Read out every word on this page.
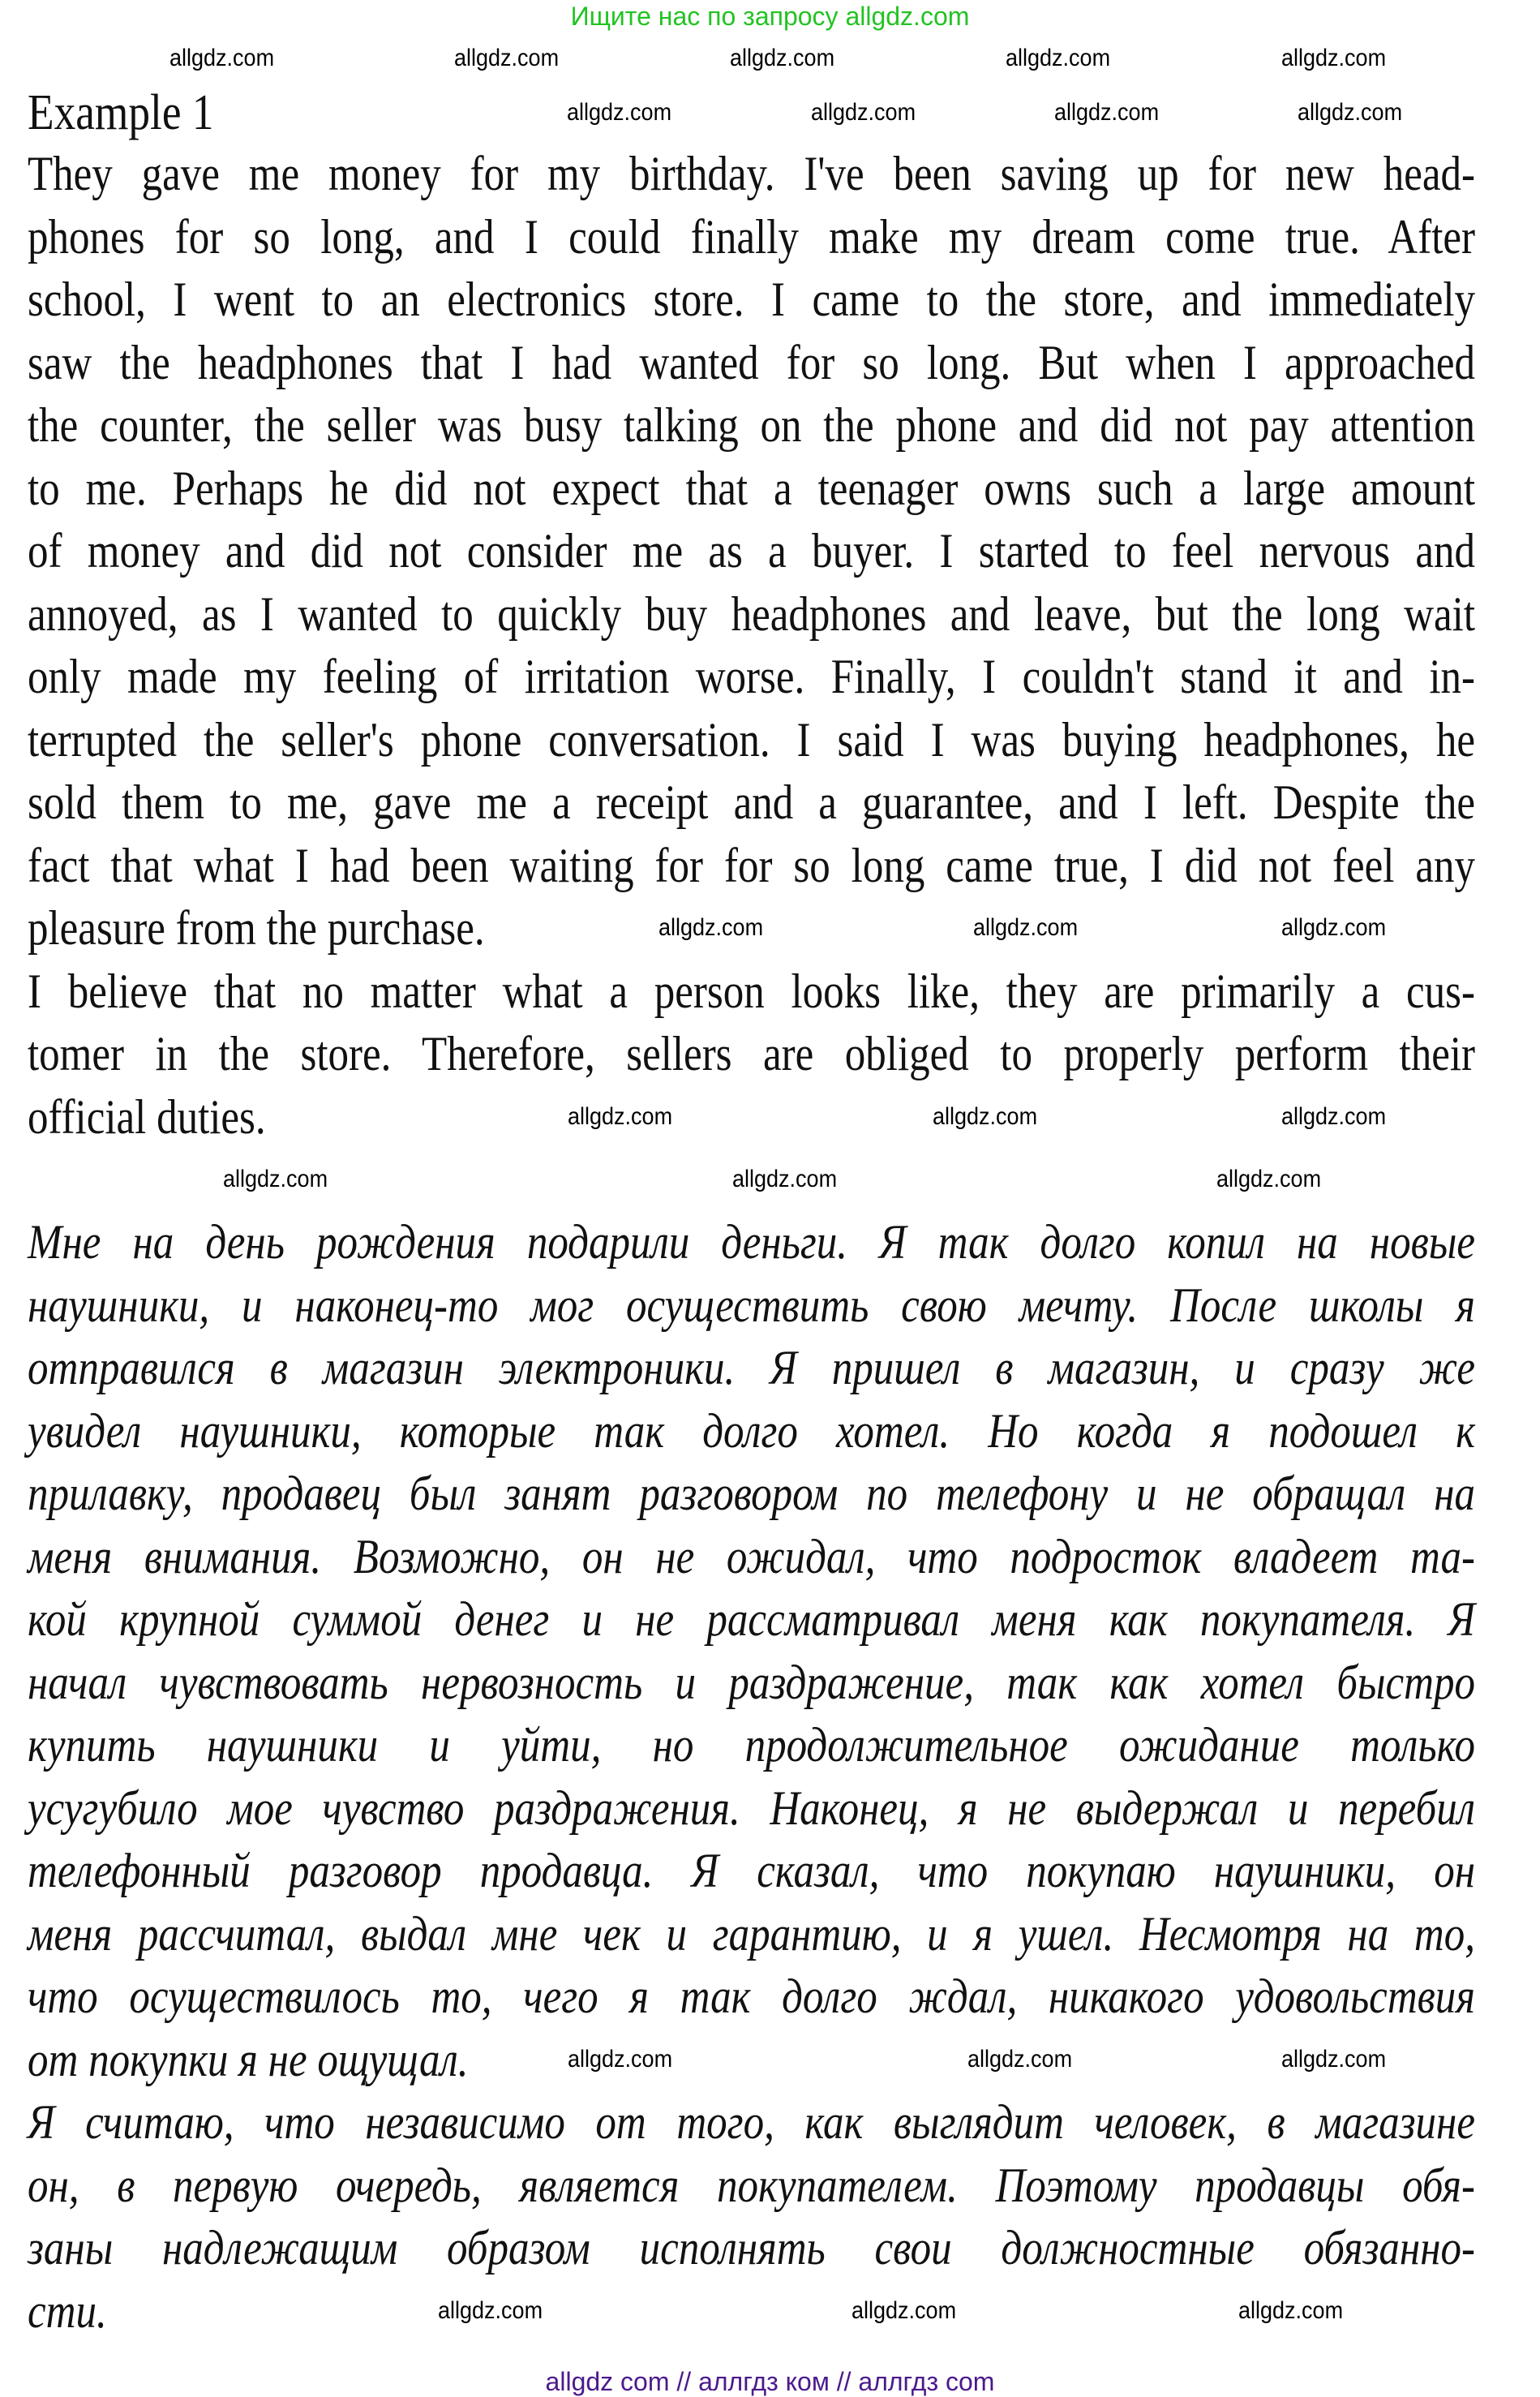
Ищите нас по запросу allgdz.com
Example 1
They gave me money for my birthday. I've been saving up for new head-
phones for so long, and I could finally make my dream come true. After
school, I went to an electronics store. I came to the store, and immediately
saw the headphones that I had wanted for so long. But when I approached
the counter, the seller was busy talking on the phone and did not pay attention
to me. Perhaps he did not expect that a teenager owns such a large amount
of money and did not consider me as a buyer. I started to feel nervous and
annoyed, as I wanted to quickly buy headphones and leave, but the long wait
only made my feeling of irritation worse. Finally, I couldn't stand it and in-
terrupted the seller's phone conversation. I said I was buying headphones, he
sold them to me, gave me a receipt and a guarantee, and I left. Despite the
fact that what I had been waiting for for so long came true, I did not feel any
pleasure from the purchase.
I believe that no matter what a person looks like, they are primarily a cus-
tomer in the store. Therefore, sellers are obliged to properly perform their
official duties.
Мне на день рождения подарили деньги. Я так долго копил на новые
наушники, и наконец-то мог осуществить свою мечту. После школы я
отправился в магазин электроники. Я пришел в магазин, и сразу же
увидел наушники, которые так долго хотел. Но когда я подошел к
прилавку, продавец был занят разговором по телефону и не обращал на
меня внимания. Возможно, он не ожидал, что подросток владеет та-
кой крупной суммой денег и не рассматривал меня как покупателя. Я
начал чувствовать нервозность и раздражение, так как хотел быстро
купить наушники и уйти, но продолжительное ожидание только
усугубило мое чувство раздражения. Наконец, я не выдержал и перебил
телефонный разговор продавца. Я сказал, что покупаю наушники, он
меня рассчитал, выдал мне чек и гарантию, и я ушел. Несмотря на то,
что осуществилось то, чего я так долго ждал, никакого удовольствия
от покупки я не ощущал.
Я считаю, что независимо от того, как выглядит человек, в магазине
он, в первую очередь, является покупателем. Поэтому продавцы обя-
заны надлежащим образом исполнять свои должностные обязанно-
сти.
allgdz.com	allgdz.com	allgdz.com	allgdz.com	allgdz.com
allgdz.com	allgdz.com	allgdz.com	allgdz.com
allgdz.com	allgdz.com	allgdz.com
allgdz.com	allgdz.com	allgdz.com
allgdz.com	allgdz.com	allgdz.com
allgdz.com	allgdz.com	allgdz.com
allgdz.com	allgdz.com	allgdz.com
allgdz com // аллгдз ком // аллгдз com
